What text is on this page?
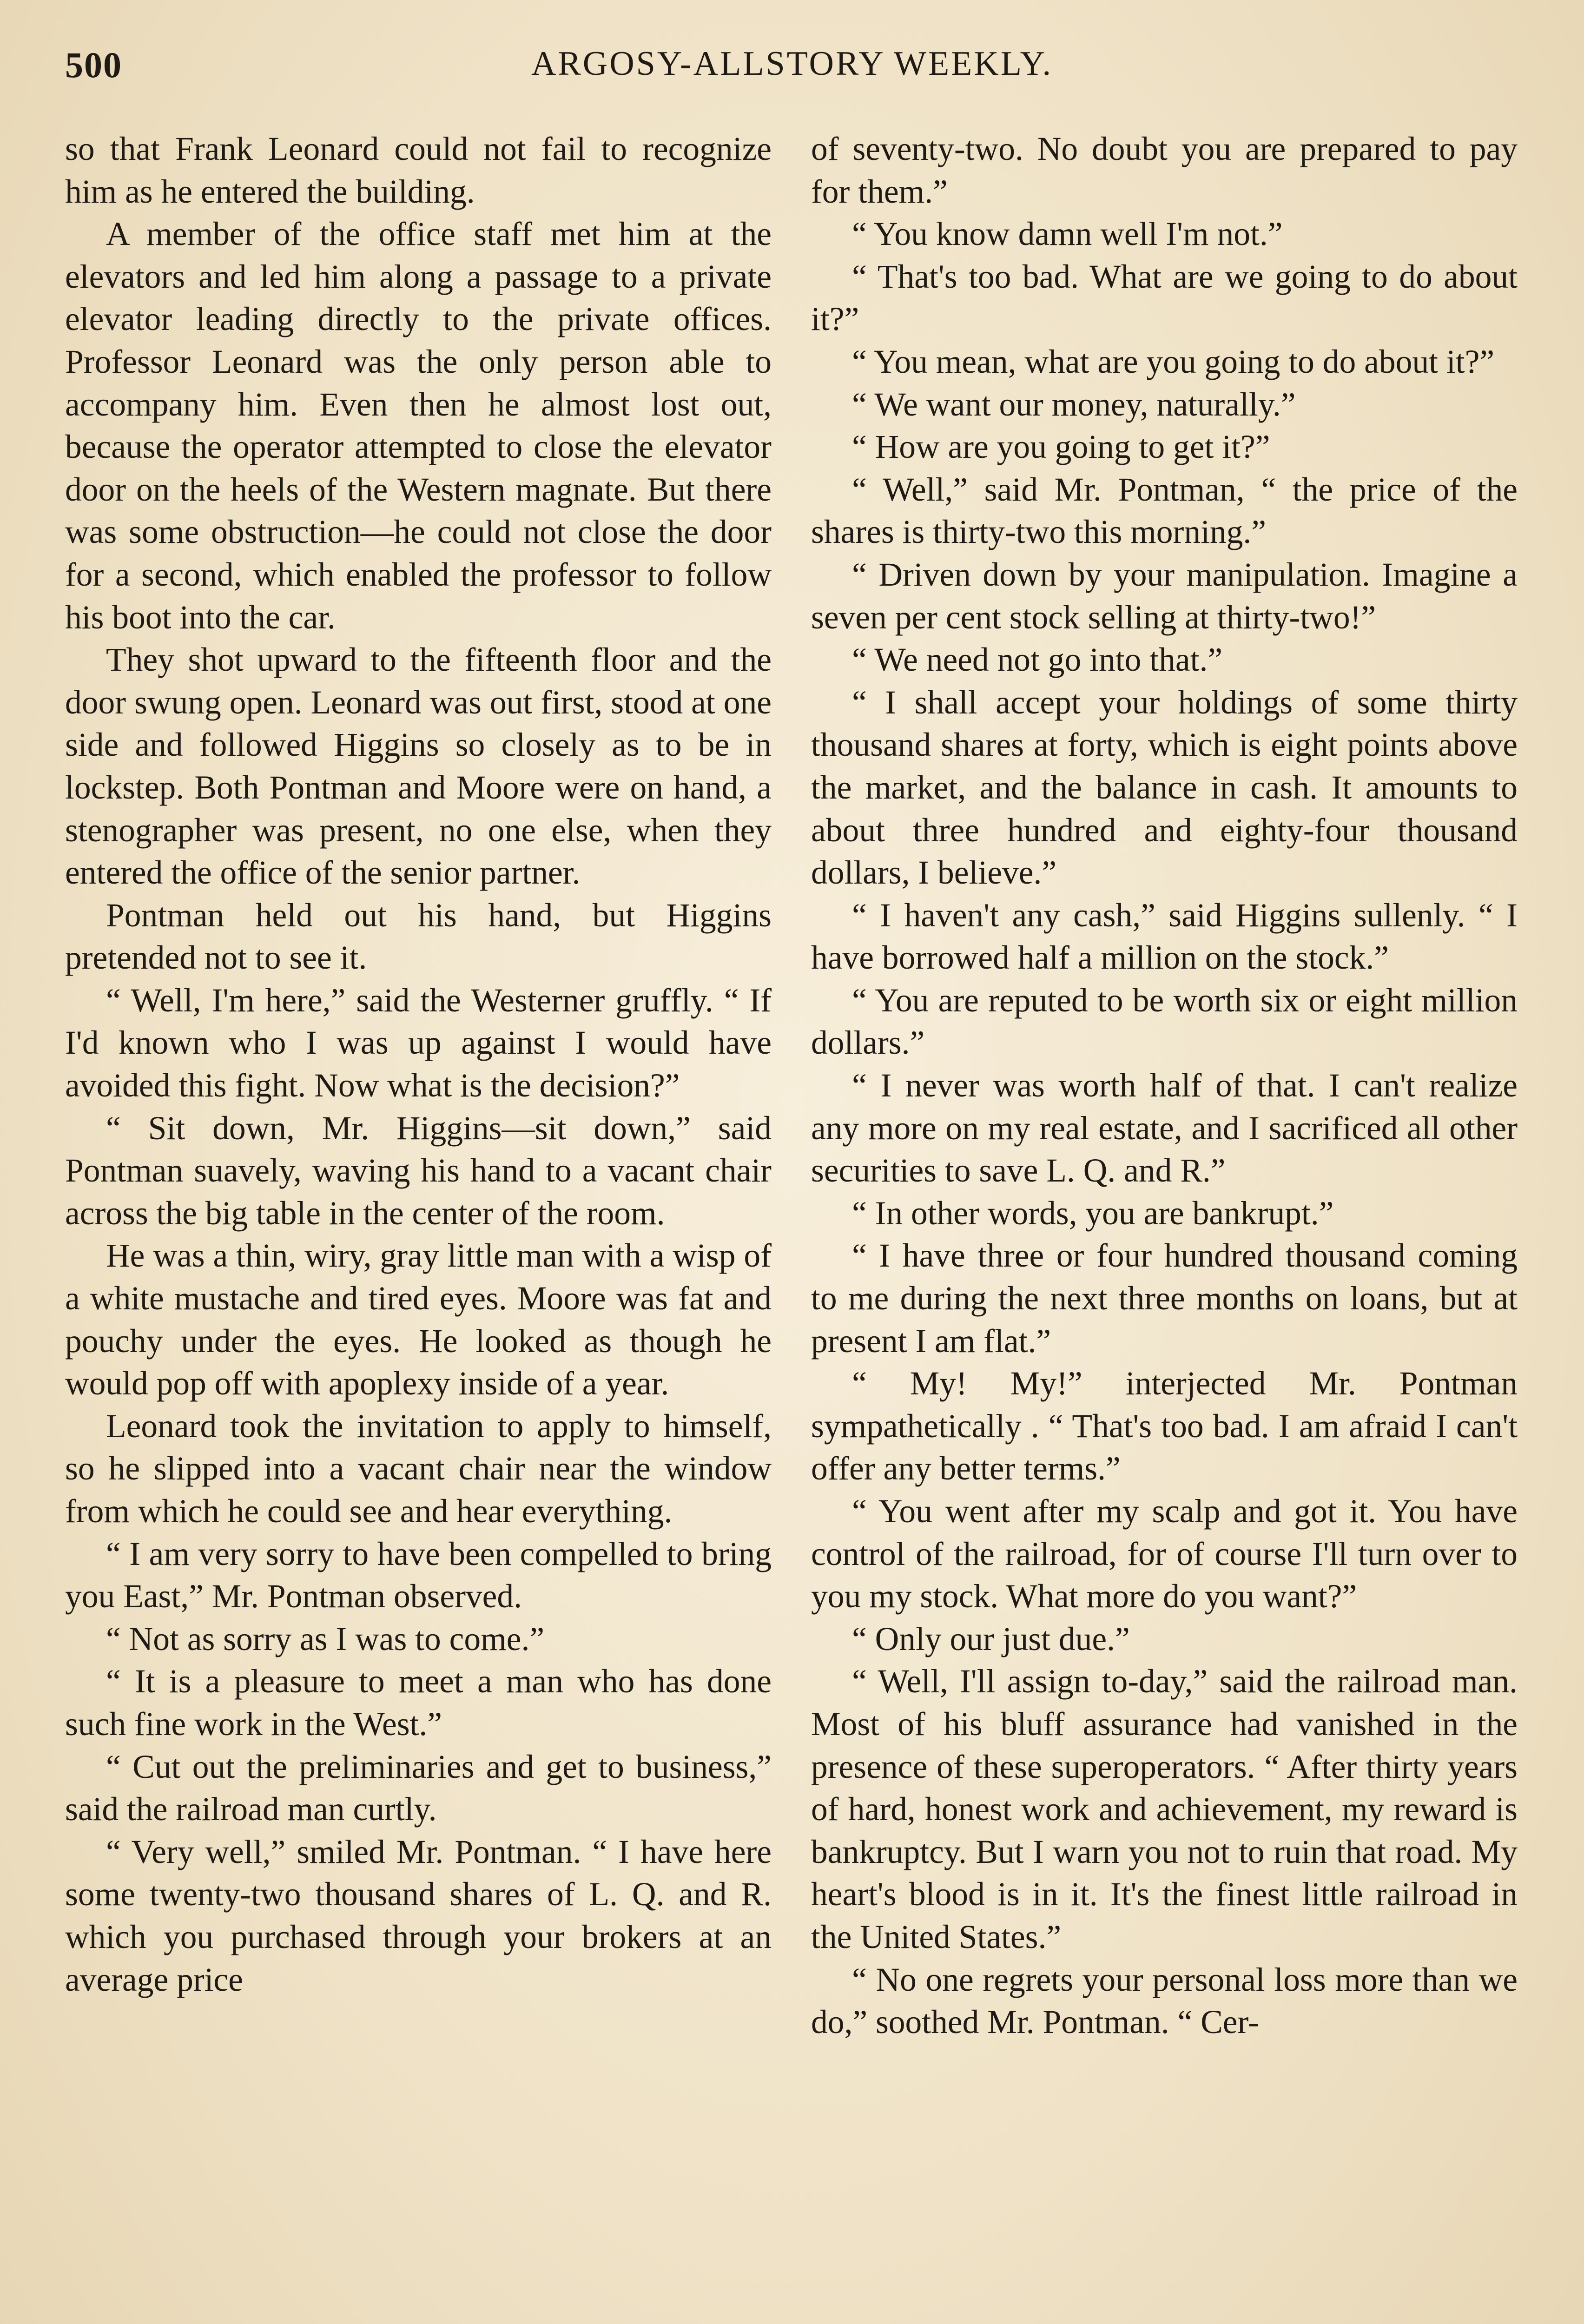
500	ARGOSY-ALLSTORY WEEKLY.

so that Frank Leonard could not fail to recognize him as he entered the building.

A member of the office staff met him at the elevators and led him along a passage to a private elevator leading directly to the private offices. Professor Leonard was the only person able to accompany him. Even then he almost lost out, because the operator attempted to close the elevator door on the heels of the Western magnate. But there was some obstruction—he could not close the door for a second, which enabled the professor to follow his boot into the car.

They shot upward to the fifteenth floor and the door swung open. Leonard was out first, stood at one side and followed Higgins so closely as to be in lockstep. Both Pontman and Moore were on hand, a stenographer was present, no one else, when they entered the office of the senior partner.

Pontman held out his hand, but Higgins pretended not to see it.

“ Well, I'm here,” said the Westerner gruffly. “ If I'd known who I was up against I would have avoided this fight. Now what is the decision?”

“ Sit down, Mr. Higgins—sit down,” said Pontman suavely, waving his hand to a vacant chair across the big table in the center of the room.

He was a thin, wiry, gray little man with a wisp of a white mustache and tired eyes. Moore was fat and pouchy under the eyes. He looked as though he would pop off with apoplexy inside of a year.

Leonard took the invitation to apply to himself, so he slipped into a vacant chair near the window from which he could see and hear everything.

“ I am very sorry to have been compelled to bring you East,” Mr. Pontman observed.

“ Not as sorry as I was to come.”

“ It is a pleasure to meet a man who has done such fine work in the West.”

“ Cut out the preliminaries and get to business,” said the railroad man curtly.

“ Very well,” smiled Mr. Pontman. “ I have here some twenty-two thousand shares of L. Q. and R. which you purchased through your brokers at an average price

of seventy-two. No doubt you are prepared to pay for them.”

“ You know damn well I'm not.”

“ That's too bad. What are we going to do about it?”

“ You mean, what are you going to do about it?”

“ We want our money, naturally.”

“ How are you going to get it?”

“ Well,” said Mr. Pontman, “ the price of the shares is thirty-two this morning.”

“ Driven down by your manipulation. Imagine a seven per cent stock selling at thirty-two!”

“ We need not go into that.”

“ I shall accept your holdings of some thirty thousand shares at forty, which is eight points above the market, and the balance in cash. It amounts to about three hundred and eighty-four thousand dollars, I believe.”

“ I haven't any cash,” said Higgins sullenly. “ I have borrowed half a million on the stock.”

“ You are reputed to be worth six or eight million dollars.”

“ I never was worth half of that. I can't realize any more on my real estate, and I sacrificed all other securities to save L. Q. and R.”

“ In other words, you are bankrupt.”

“ I have three or four hundred thousand coming to me during the next three months on loans, but at present I am flat.”

“ My! My!” interjected Mr. Pontman sympathetically . “ That's too bad. I am afraid I can't offer any better terms.”

“ You went after my scalp and got it. You have control of the railroad, for of course I'll turn over to you my stock. What more do you want?”

“ Only our just due.”

“ Well, I'll assign to-day,” said the railroad man. Most of his bluff assurance had vanished in the presence of these superoperators. “ After thirty years of hard, honest work and achievement, my reward is bankruptcy. But I warn you not to ruin that road. My heart's blood is in it. It's the finest little railroad in the United States.”

“ No one regrets your personal loss more than we do,” soothed Mr. Pontman. “ Cer-
